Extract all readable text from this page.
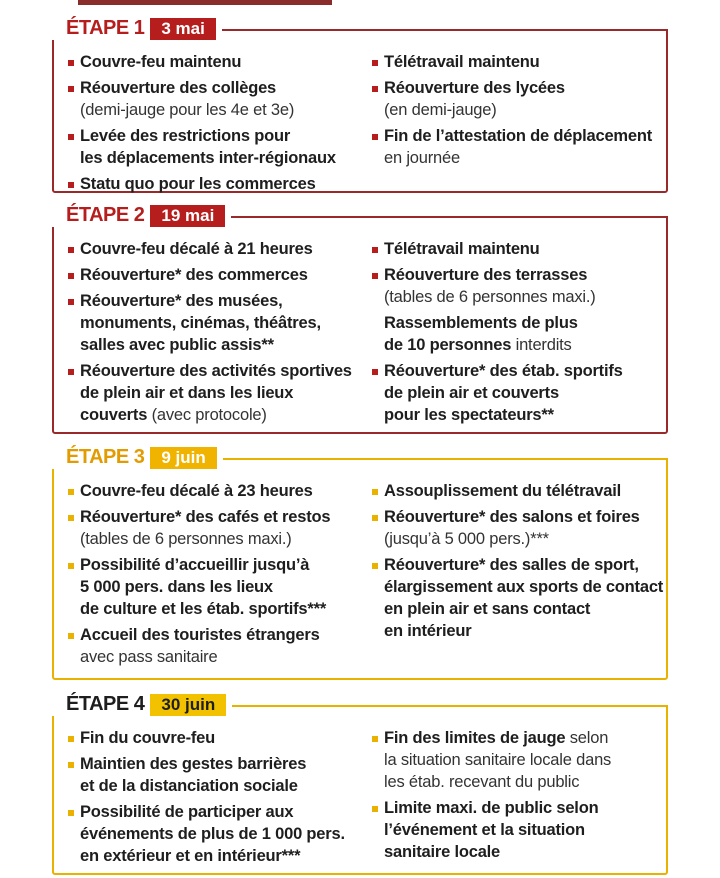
ÉTAPE 1	3 mai
Couvre-feu maintenu
Réouverture des collèges
(demi-jauge pour les 4e et 3e)
Levée des restrictions pour
les déplacements inter-régionaux
Statu quo pour les commerces
Télétravail maintenu
Réouverture des lycées
(en demi-jauge)
Fin de l’attestation de déplacement
en journée
ÉTAPE 2	19 mai
Couvre-feu décalé à 21 heures
Réouverture* des commerces
Réouverture* des musées,
monuments, cinémas, théâtres,
salles avec public assis**
Réouverture des activités sportives
de plein air et dans les lieux
couverts (avec protocole)
Télétravail maintenu
Réouverture des terrasses
(tables de 6 personnes maxi.)
Rassemblements de plus
de 10 personnes interdits
Réouverture* des étab. sportifs
de plein air et couverts
pour les spectateurs**
ÉTAPE 3	9 juin
Couvre-feu décalé à 23 heures
Réouverture* des cafés et restos
(tables de 6 personnes maxi.)
Possibilité d’accueillir jusqu’à
5 000 pers. dans les lieux
de culture et les étab. sportifs***
Accueil des touristes étrangers
avec pass sanitaire
Assouplissement du télétravail
Réouverture* des salons et foires
(jusqu’à 5 000 pers.)***
Réouverture* des salles de sport,
élargissement aux sports de contact
en plein air et sans contact
en intérieur
ÉTAPE 4	30 juin
Fin du couvre-feu
Maintien des gestes barrières
et de la distanciation sociale
Possibilité de participer aux
événements de plus de 1 000 pers.
en extérieur et en intérieur***
Fin des limites de jauge selon
la situation sanitaire locale dans
les étab. recevant du public
Limite maxi. de public selon
l’événement et la situation
sanitaire locale
